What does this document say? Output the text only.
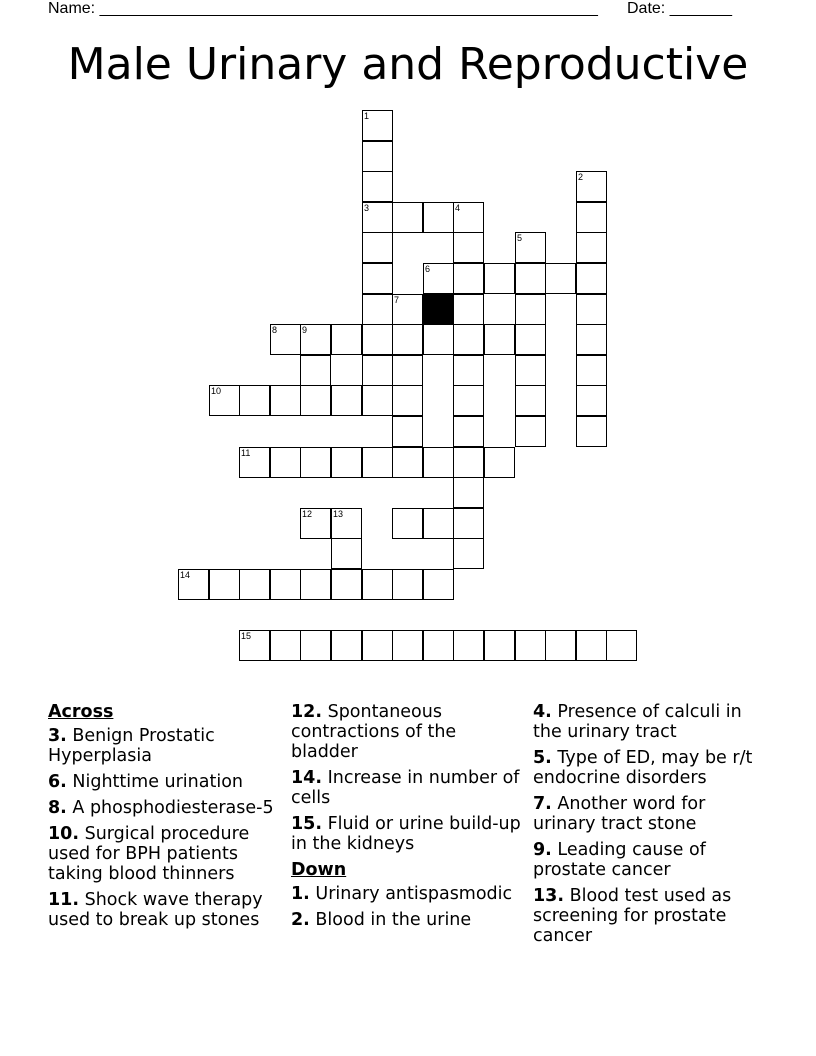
Name: ________________________________________________________ Date: _______
Male Urinary and Reproductive
1
3	4
5
2
6
7
8	9
10
11
12 13
14
15
Across
3. Benign Prostatic Hyperplasia
6. Nighttime urination
8. A phosphodiesterase-5
10. Surgical procedure used for BPH patients taking blood thinners
11. Shock wave therapy used to break up stones
12. Spontaneous contractions of the bladder
14. Increase in number of cells
15. Fluid or urine build-up in the kidneys
Down
1. Urinary antispasmodic
2. Blood in the urine
4. Presence of calculi in the urinary tract
5. Type of ED, may be r/t endocrine disorders
7. Another word for urinary tract stone
9. Leading cause of prostate cancer
13. Blood test used as screening for prostate cancer
